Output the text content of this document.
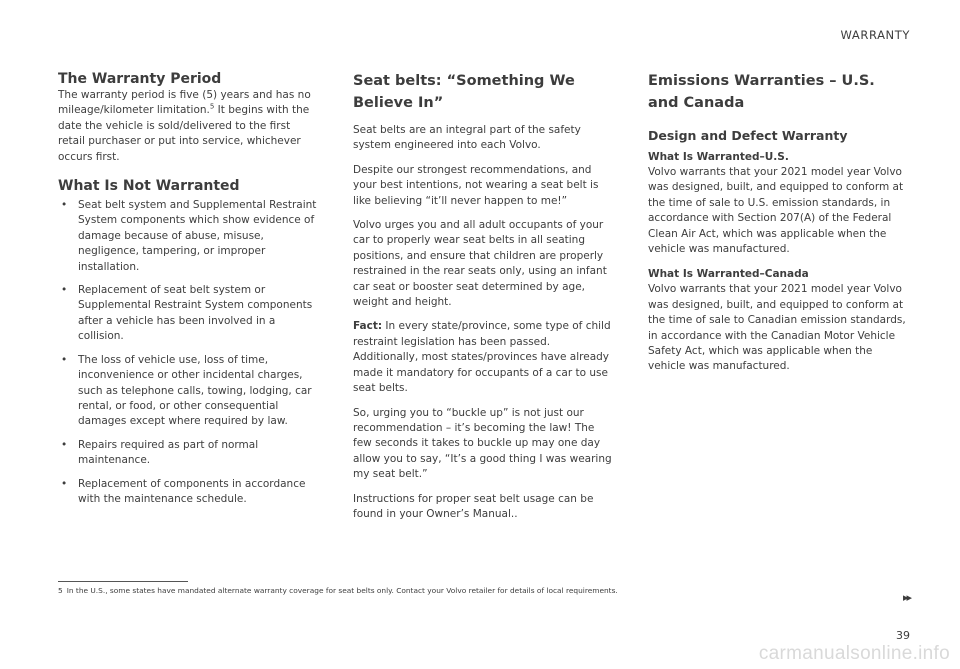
WARRANTY
The Warranty Period

The warranty period is five (5) years and has no mileage/kilometer limitation.$^5$ It begins with the date the vehicle is sold/delivered to the first retail purchaser or put into service, whichever occurs first.

What Is Not Warranted
• Seat belt system and Supplemental Restraint System components which show evidence of damage because of abuse, misuse, negligence, tampering, or improper installation.
• Replacement of seat belt system or Supplemental Restraint System components after a vehicle has been involved in a collision.
• The loss of vehicle use, loss of time, inconvenience or other incidental charges, such as telephone calls, towing, lodging, car rental, or food, or other consequential damages except where required by law.
• Repairs required as part of normal maintenance.
• Replacement of components in accordance with the maintenance schedule.
Seat belts: “Something We Believe In”

Seat belts are an integral part of the safety system engineered into each Volvo.

Despite our strongest recommendations, and your best intentions, not wearing a seat belt is like believing “it’ll never happen to me!”

Volvo urges you and all adult occupants of your car to properly wear seat belts in all seating positions, and ensure that children are properly restrained in the rear seats only, using an infant car seat or booster seat determined by age, weight and height.

Fact: In every state/province, some type of child restraint legislation has been passed. Additionally, most states/provinces have already made it mandatory for occupants of a car to use seat belts.

So, urging you to “buckle up” is not just our recommendation – it’s becoming the law! The few seconds it takes to buckle up may one day allow you to say, “It’s a good thing I was wearing my seat belt.”

Instructions for proper seat belt usage can be found in your Owner’s Manual..

Emissions Warranties – U.S. and Canada
Design and Defect Warranty
What Is Warranted–U.S.

Volvo warrants that your 2021 model year Volvo was designed, built, and equipped to conform at the time of sale to U.S. emission standards, in accordance with Section 207(A) of the Federal Clean Air Act, which was applicable when the vehicle was manufactured.

What Is Warranted–Canada

Volvo warrants that your 2021 model year Volvo was designed, built, and equipped to conform at the time of sale to Canadian emission standards, in accordance with the Canadian Motor Vehicle Safety Act, which was applicable when the vehicle was manufactured.

5 In the U.S., some states have mandated alternate warranty coverage for seat belts only. Contact your Volvo retailer for details of local requirements.
▸▸
39
carmanualsonline.info
